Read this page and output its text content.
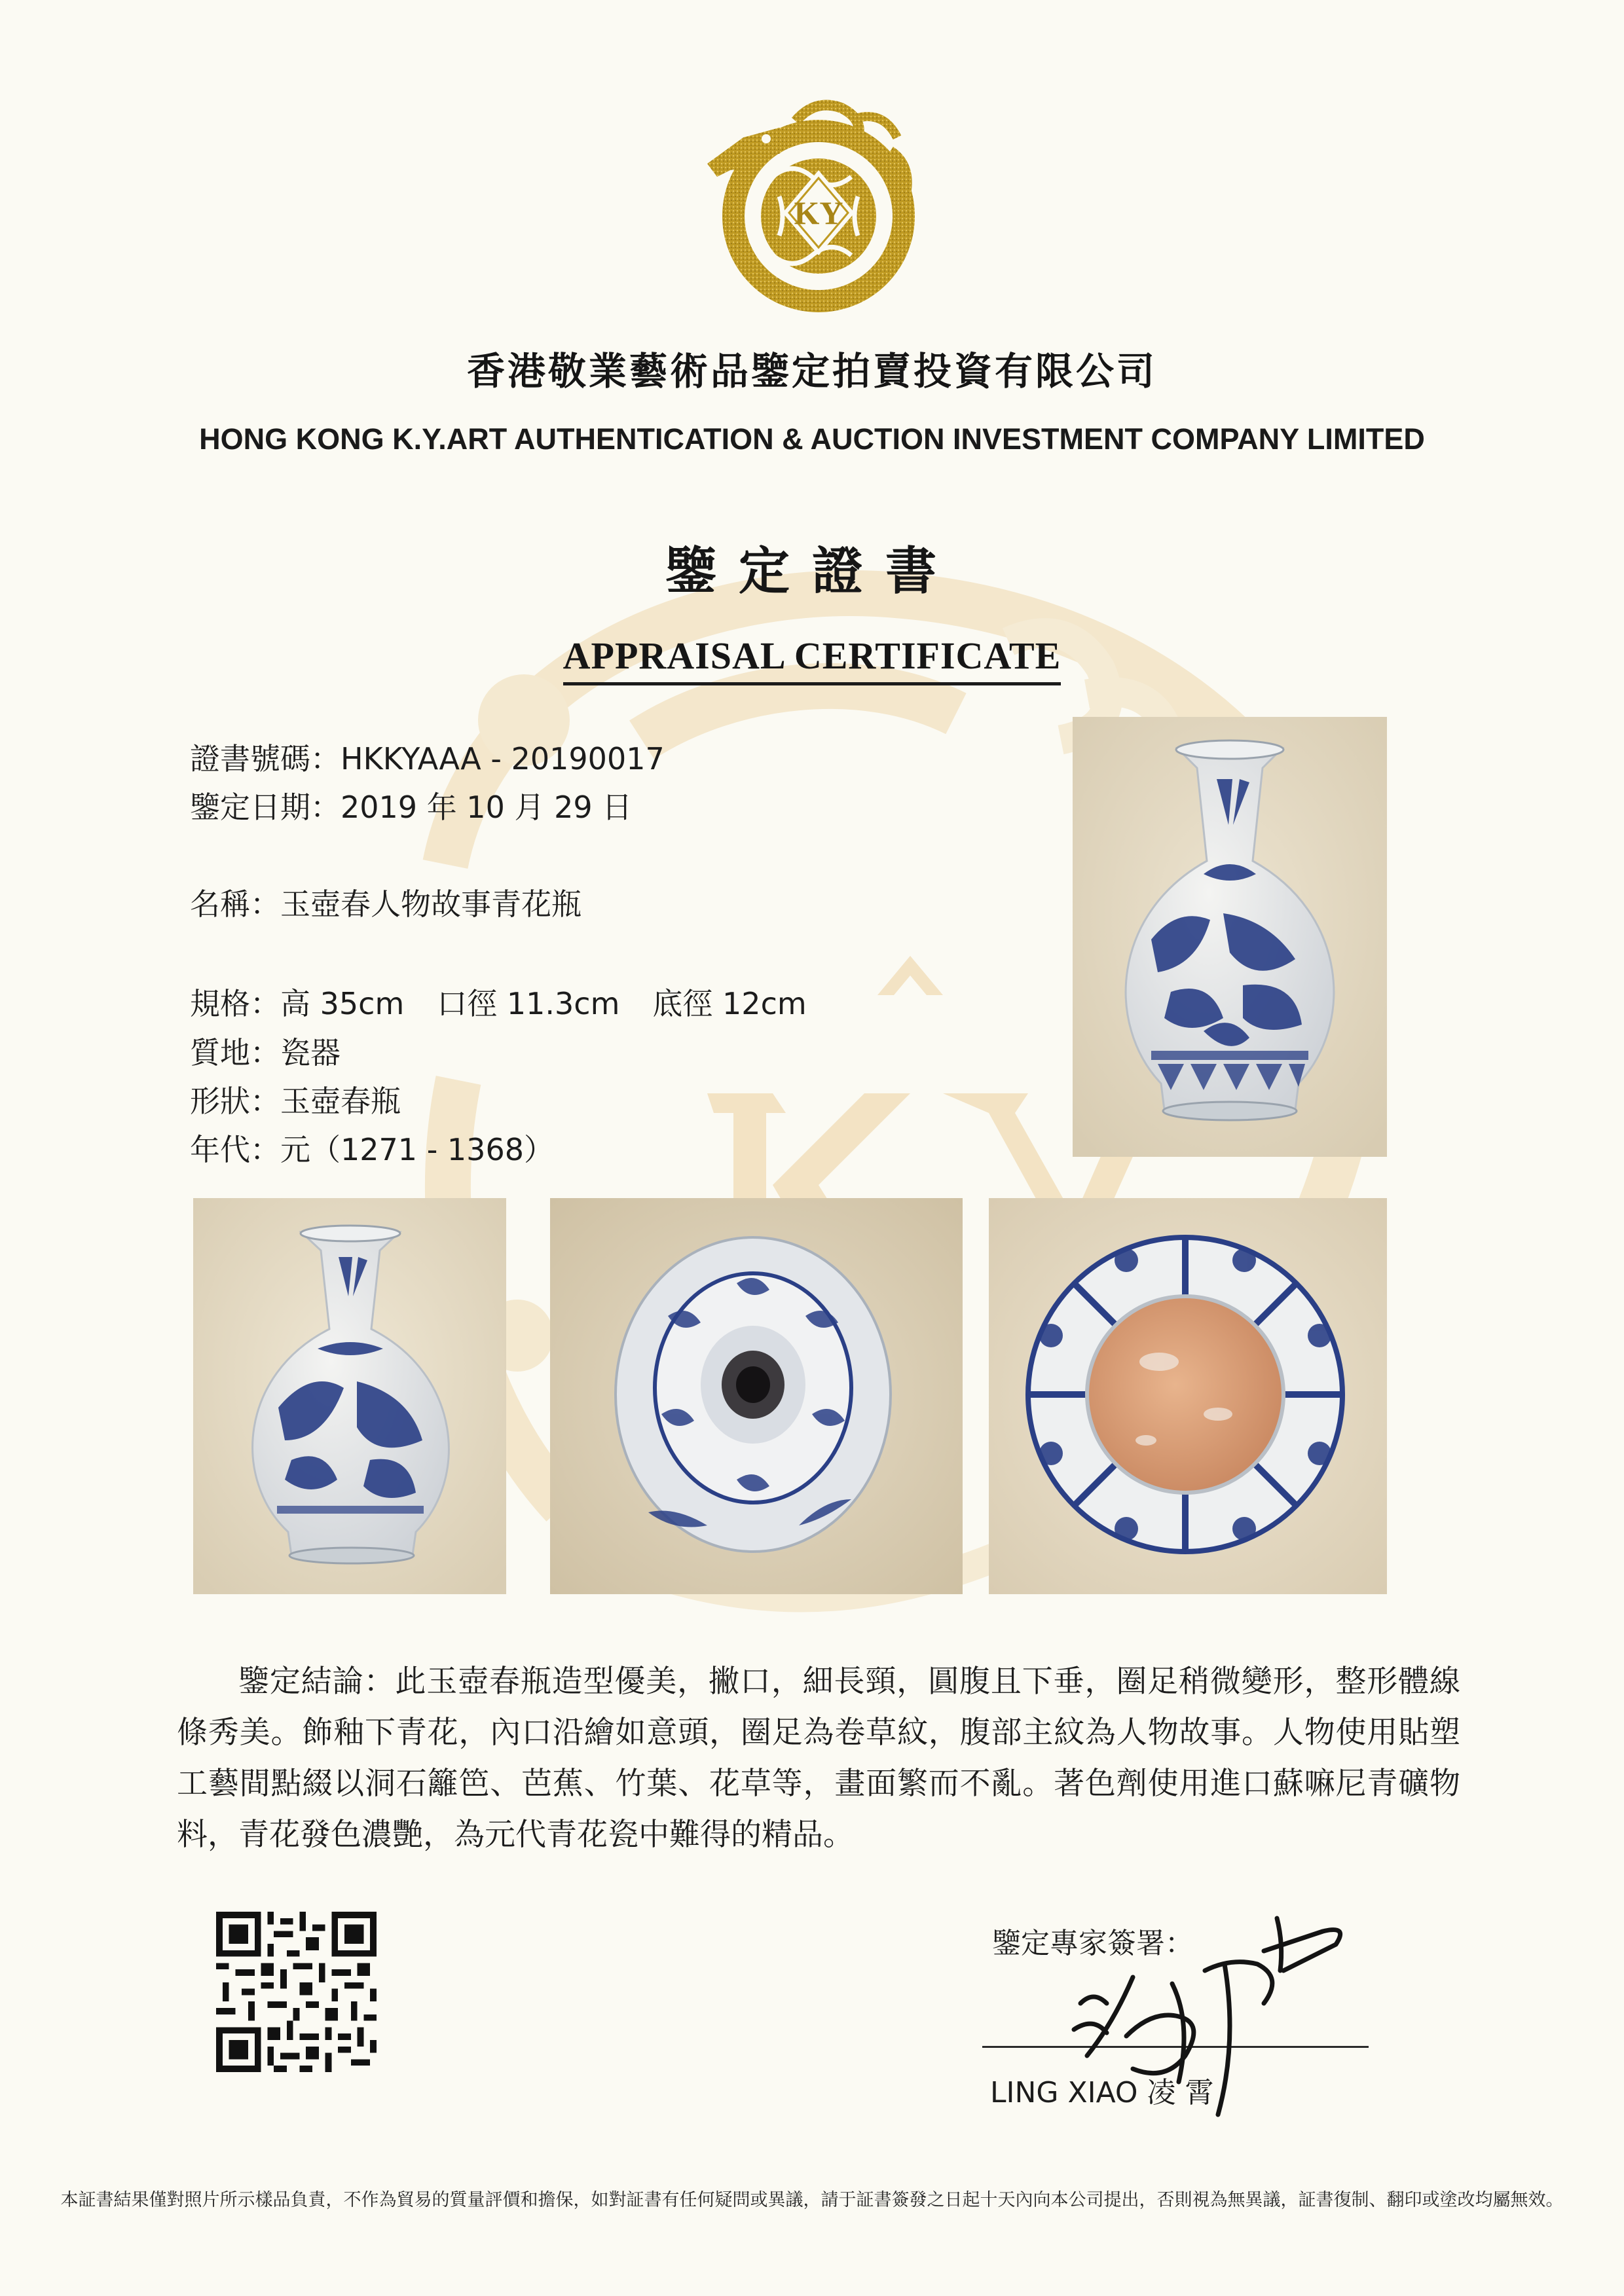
KY
香港敬業藝術品鑒定拍賣投資有限公司
HONG KONG K.Y.ART AUTHENTICATION & AUCTION INVESTMENT COMPANY LIMITED
鑒定證書
APPRAISAL CERTIFICATE
證書號碼：HKKYAAA - 20190017
鑒定日期：2019 年 10 月 29 日
名稱：玉壺春人物故事青花瓶
規格：高 35cm 口徑 11.3cm 底徑 12cm
質地：瓷器
形狀：玉壺春瓶
年代：元（1271 - 1368）
鑒定結論：此玉壺春瓶造型優美，撇口，細長頸，圓腹且下垂，圈足稍微變形，整形體線條秀美。飾釉下青花，內口沿繪如意頭，圈足為卷草紋，腹部主紋為人物故事。人物使用貼塑工藝間點綴以洞石籬笆、芭蕉、竹葉、花草等，畫面繁而不亂。著色劑使用進口蘇嘛尼青礦物料，青花發色濃艷，為元代青花瓷中難得的精品。
鑒定專家簽署：
LING XIAO 凌 霄
本証書結果僅對照片所示樣品負責，不作為貿易的質量評價和擔保，如對証書有任何疑問或異議，請于証書簽發之日起十天內向本公司提出，否則視為無異議，証書復制、翻印或塗改均屬無效。
